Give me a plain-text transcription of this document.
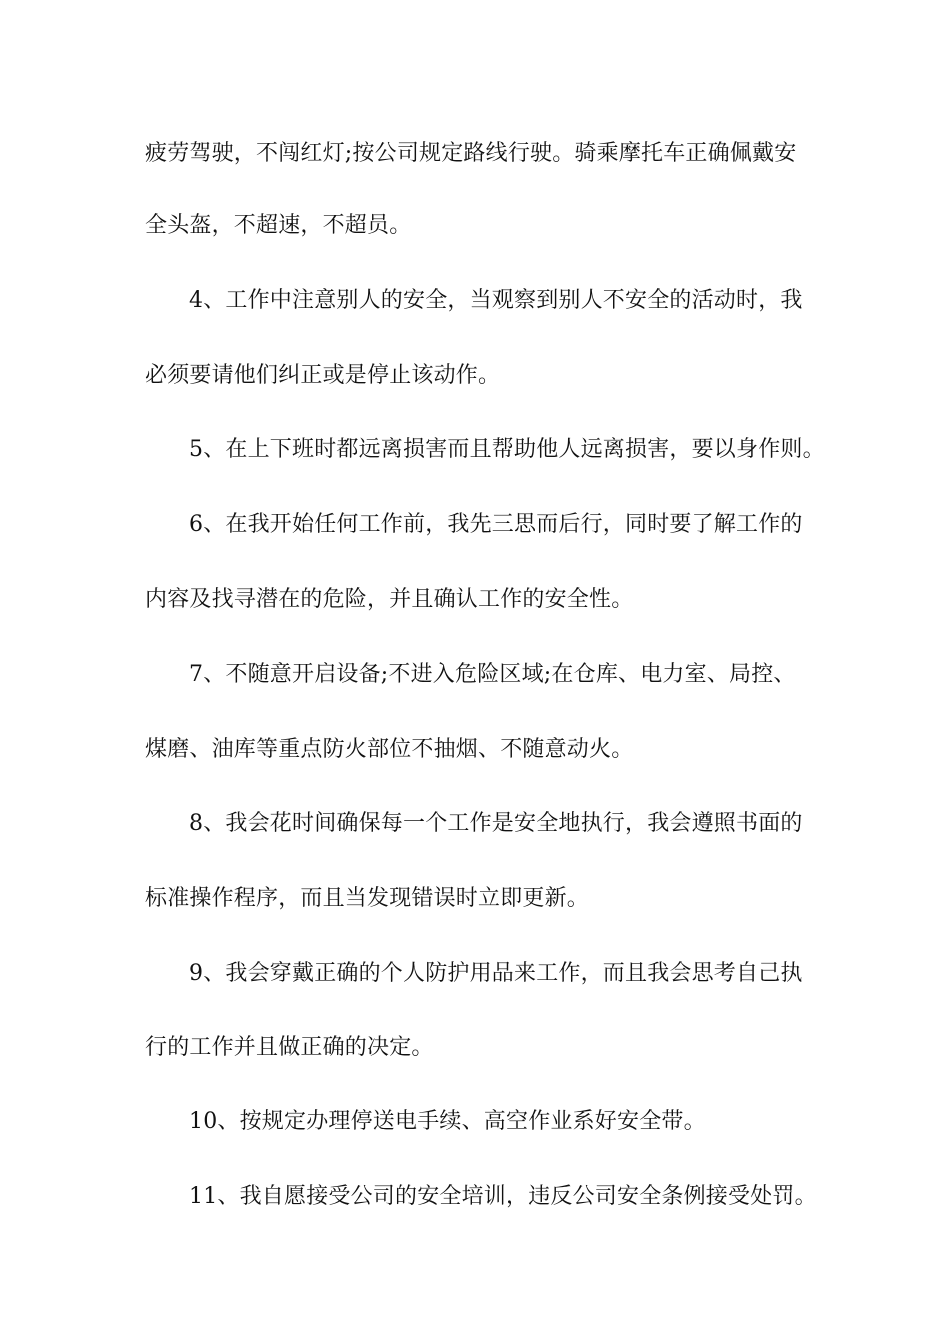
疲劳驾驶，不闯红灯;按公司规定路线行驶。骑乘摩托车正确佩戴安
全头盔，不超速，不超员。
4、工作中注意别人的安全，当观察到别人不安全的活动时，我
必须要请他们纠正或是停止该动作。
5、在上下班时都远离损害而且帮助他人远离损害，要以身作则。
6、在我开始任何工作前，我先三思而后行，同时要了解工作的
内容及找寻潜在的危险，并且确认工作的安全性。
7、不随意开启设备;不进入危险区域;在仓库、电力室、局控、
煤磨、油库等重点防火部位不抽烟、不随意动火。
8、我会花时间确保每一个工作是安全地执行，我会遵照书面的
标准操作程序，而且当发现错误时立即更新。
9、我会穿戴正确的个人防护用品来工作，而且我会思考自己执
行的工作并且做正确的决定。
10、按规定办理停送电手续、高空作业系好安全带。
11、我自愿接受公司的安全培训，违反公司安全条例接受处罚。
